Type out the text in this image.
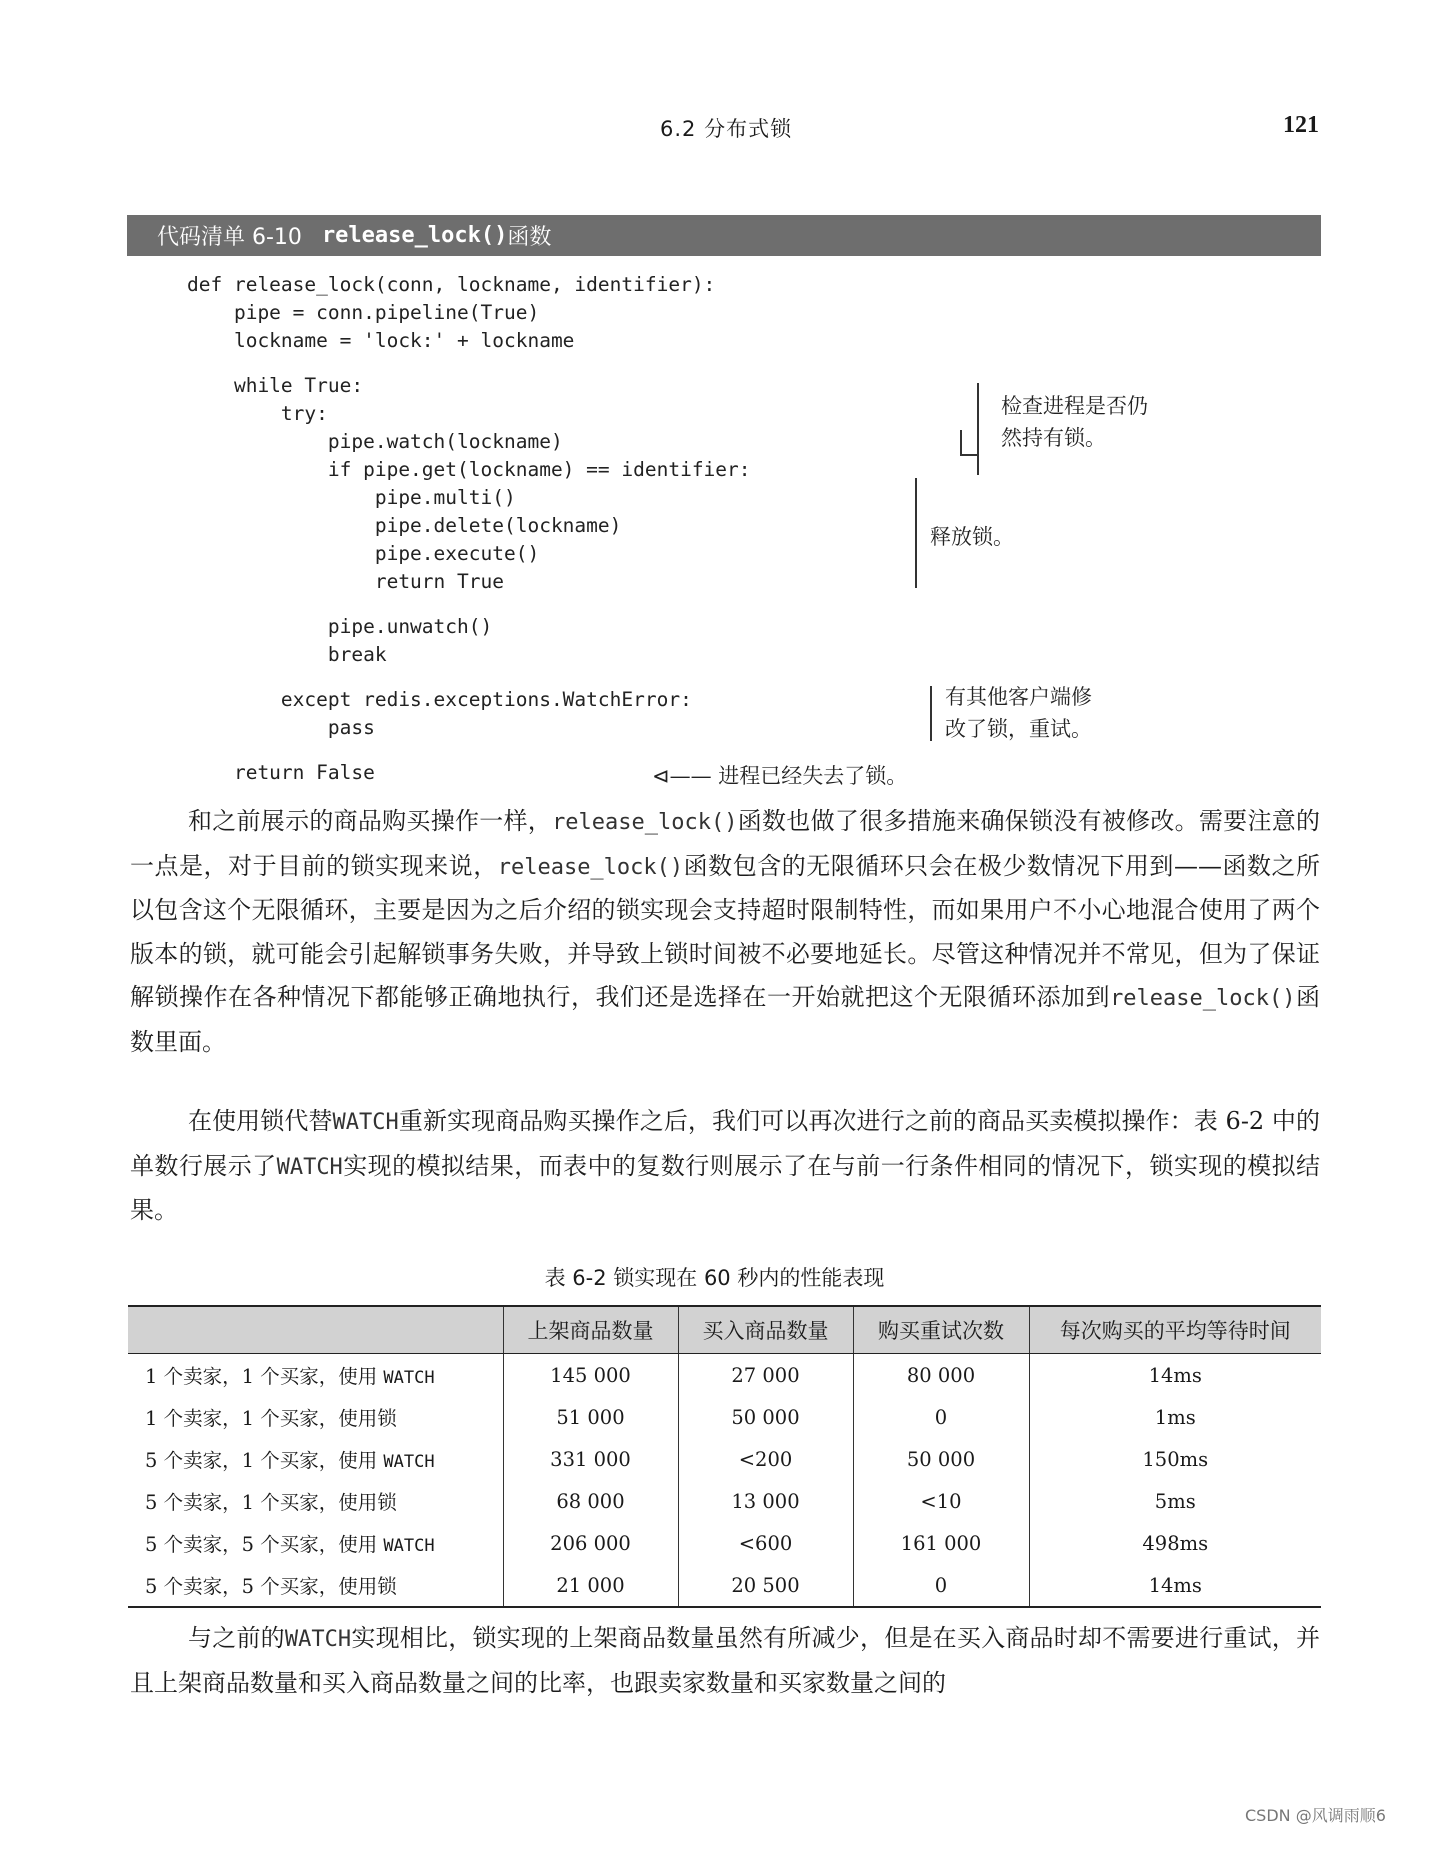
6.2 分布式锁	121
代码清单 6-10 release_lock() 函数
def release_lock(conn, lockname, identifier):
pipe = conn.pipeline(True)
lockname = 'lock:' + lockname
while True:
try:
pipe.watch(lockname)
if pipe.get(lockname) == identifier:
pipe.multi()
pipe.delete(lockname)
pipe.execute()
return True
pipe.unwatch()
break
except redis.exceptions.WatchError:
pass
return False
检查进程是否仍
然持有锁。
释放锁。
有其他客户端修
改了锁，重试。
⊲—— 进程已经失去了锁。
和之前展示的商品购买操作一样，release_lock()函数也做了很多措施来确保锁没有被修改。需要注意的一点是，对于目前的锁实现来说，release_lock()函数包含的无限循环只会在极少数情况下用到——函数之所以包含这个无限循环，主要是因为之后介绍的锁实现会支持超时限制特性，而如果用户不小心地混合使用了两个版本的锁，就可能会引起解锁事务失败，并导致上锁时间被不必要地延长。尽管这种情况并不常见，但为了保证解锁操作在各种情况下都能够正确地执行，我们还是选择在一开始就把这个无限循环添加到release_lock()函数里面。
在使用锁代替WATCH重新实现商品购买操作之后，我们可以再次进行之前的商品买卖模拟操作：表 6-2 中的单数行展示了WATCH实现的模拟结果，而表中的复数行则展示了在与前一行条件相同的情况下，锁实现的模拟结果。
表 6-2 锁实现在 60 秒内的性能表现
	上架商品数量	买入商品数量	购买重试次数	每次购买的平均等待时间
1 个卖家，1 个买家，使用 WATCH	145 000	27 000	80 000	14ms
1 个卖家，1 个买家，使用锁	51 000	50 000	0	1ms
5 个卖家，1 个买家，使用 WATCH	331 000	<200	50 000	150ms
5 个卖家，1 个买家，使用锁	68 000	13 000	<10	5ms
5 个卖家，5 个买家，使用 WATCH	206 000	<600	161 000	498ms
5 个卖家，5 个买家，使用锁	21 000	20 500	0	14ms
与之前的WATCH实现相比，锁实现的上架商品数量虽然有所减少，但是在买入商品时却不需要进行重试，并且上架商品数量和买入商品数量之间的比率，也跟卖家数量和买家数量之间的
CSDN @风调雨顺6
